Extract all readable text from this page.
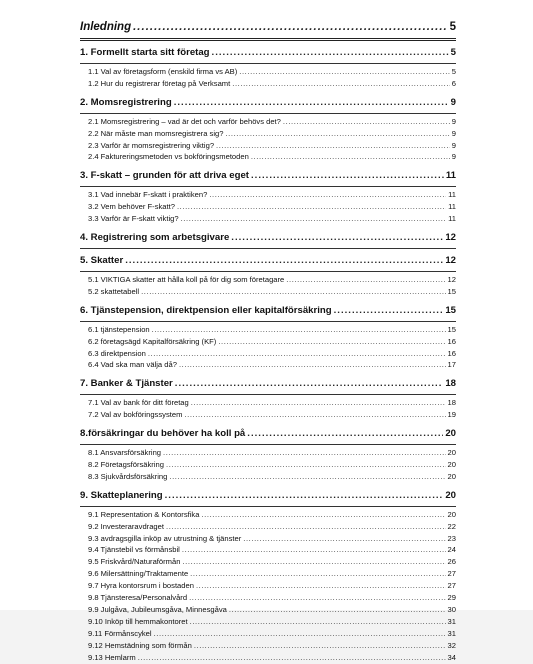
Inledning .....	5
1. Formellt starta sitt företag .....	5
1.1 Val av företagsform (enskild firma vs AB) .....	5
1.2 Hur du registrerar företag på Verksamt .....	6
2. Momsregistrering .....	9
2.1 Momsregistrering – vad är det och varför behövs det? .....	9
2.2 När måste man momsregistrera sig? .....	9
2.3 Varför är momsregistrering viktig? .....	9
2.4 Faktureringsmetoden vs bokföringsmetoden .....	9
3. F-skatt – grunden för att driva eget .....	11
3.1 Vad innebär F-skatt i praktiken? .....	11
3.2 Vem behöver F-skatt? .....	11
3.3 Varför är F-skatt viktig? .....	11
4. Registrering som arbetsgivare .....	12
5. Skatter .....	12
5.1 VIKTIGA skatter att hålla koll på för dig som företagare .....	12
5.2 skattetabell .....	15
6. Tjänstepension, direktpension eller kapitalförsäkring .....	15
6.1 tjänstepension .....	15
6.2 företagsägd Kapitalförsäkring (KF) .....	16
6.3 direktpension .....	16
6.4 Vad ska man välja då? .....	17
7. Banker & Tjänster .....	18
7.1 Val av bank för ditt företag .....	18
7.2 Val av bokföringssystem .....	19
8.försäkringar du behöver ha koll på .....	20
8.1 Ansvarsförsäkring .....	20
8.2 Företagsförsäkring .....	20
8.3 Sjukvårdsförsäkring .....	20
9. Skatteplanering .....	20
9.1 Representation & Kontorsfika .....	20
9.2 Investeraravdraget .....	22
9.3 avdragsgilla inköp av utrustning & tjänster .....	23
9.4 Tjänstebil vs förmånsbil .....	24
9.5 Friskvård/Naturaförmån .....	26
9.6 Milersättning/Traktamente .....	27
9.7 Hyra kontorsrum i bostaden .....	27
9.8 Tjänsteresa/Personalvård .....	29
9.9 Julgåva, Jubileumsgåva, Minnesgåva .....	30
9.10 Inköp till hemmakontoret .....	31
9.11 Förmånscykel .....	31
9.12 Hemstädning som förmån .....	32
9.13 Hemlarm .....	34
